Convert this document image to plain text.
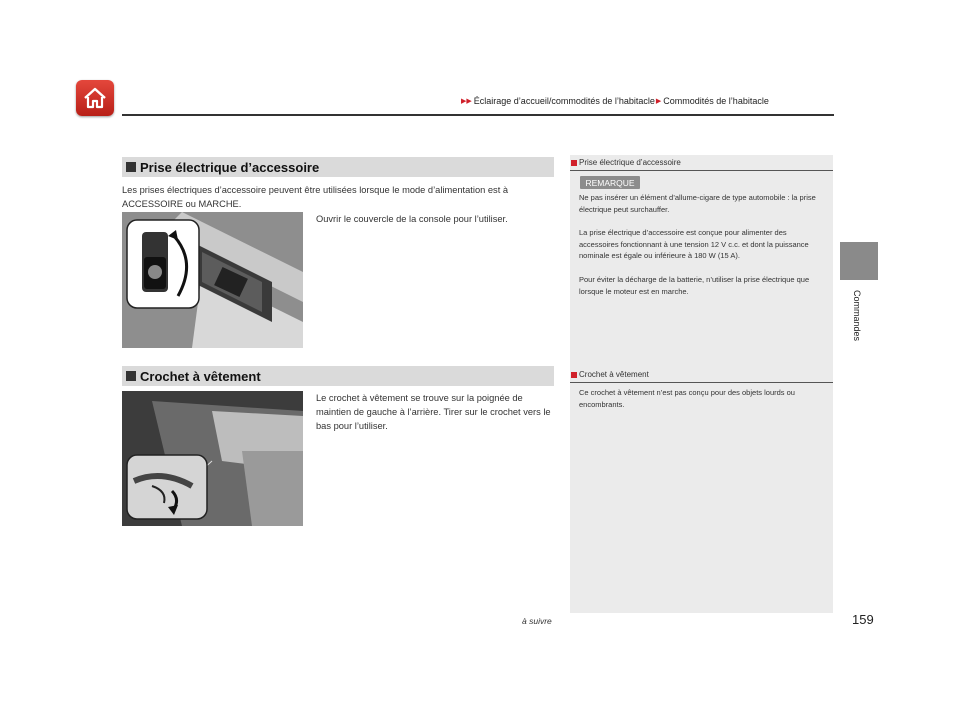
▶▶ Éclairage d’accueil/commodités de l’habitacle ▶ Commodités de l’habitacle
Commandes
Prise électrique d’accessoire
Les prises électriques d’accessoire peuvent être utilisées lorsque le mode d’alimentation est à ACCESSOIRE ou MARCHE.
Ouvrir le couvercle de la console pour l’utiliser.
Crochet à vêtement
Le crochet à vêtement se trouve sur la poignée de maintien de gauche à l’arrière. Tirer sur le crochet vers le bas pour l’utiliser.
Prise électrique d’accessoire
REMARQUE
Ne pas insérer un élément d’allume-cigare de type automobile : la prise électrique peut surchauffer.
La prise électrique d’accessoire est conçue pour alimenter des accessoires fonctionnant à une tension 12 V c.c. et dont la puissance nominale est égale ou inférieure à 180 W (15 A).
Pour éviter la décharge de la batterie, n’utiliser la prise électrique que lorsque le moteur est en marche.
Crochet à vêtement
Ce crochet à vêtement n’est pas conçu pour des objets lourds ou encombrants.
à suivre	159
